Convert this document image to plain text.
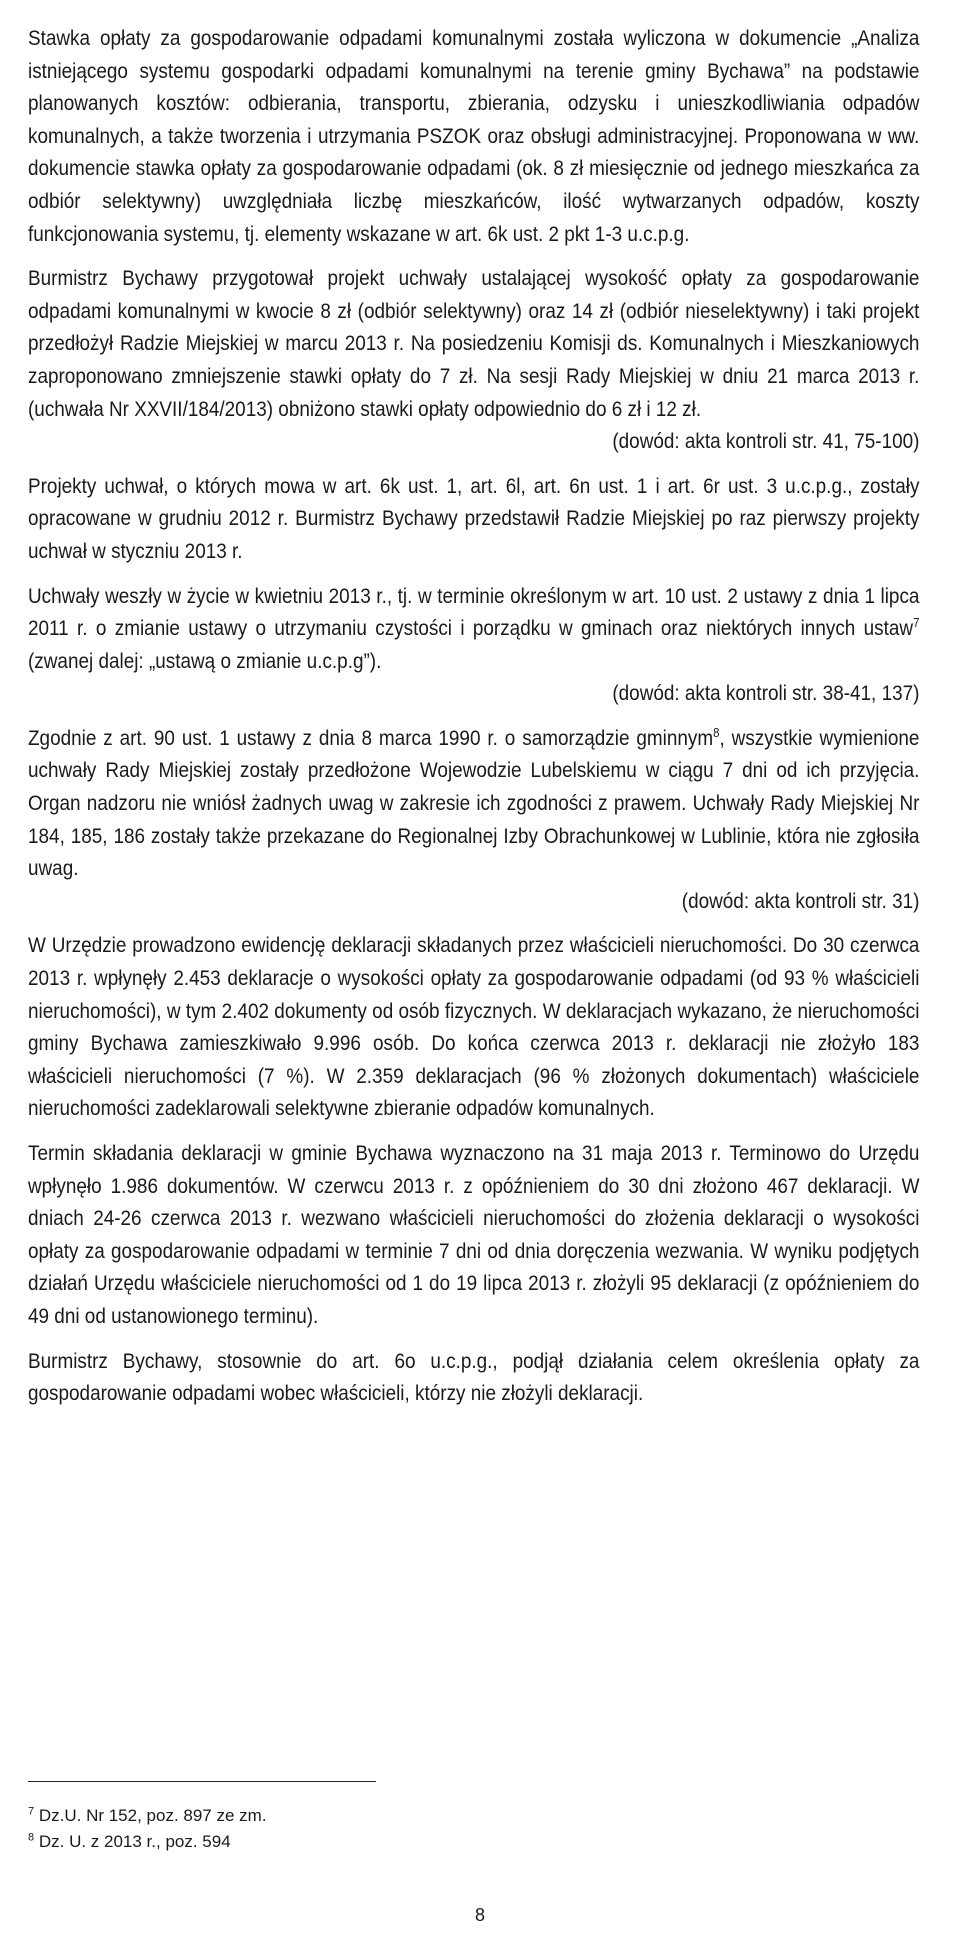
Stawka opłaty za gospodarowanie odpadami komunalnymi została wyliczona w dokumencie „Analiza istniejącego systemu gospodarki odpadami komunalnymi na terenie gminy Bychawa” na podstawie planowanych kosztów: odbierania, transportu, zbierania, odzysku i unieszkodliwiania odpadów komunalnych, a także tworzenia i utrzymania PSZOK oraz obsługi administracyjnej. Proponowana w ww. dokumencie stawka opłaty za gospodarowanie odpadami (ok. 8 zł miesięcznie od jednego mieszkańca za odbiór selektywny) uwzględniała liczbę mieszkańców, ilość wytwarzanych odpadów, koszty funkcjonowania systemu, tj. elementy wskazane w art. 6k ust. 2 pkt 1-3 u.c.p.g.

Burmistrz Bychawy przygotował projekt uchwały ustalającej wysokość opłaty za gospodarowanie odpadami komunalnymi w kwocie 8 zł (odbiór selektywny) oraz 14 zł (odbiór nieselektywny) i taki projekt przedłożył Radzie Miejskiej w marcu 2013 r. Na posiedzeniu Komisji ds. Komunalnych i Mieszkaniowych zaproponowano zmniejszenie stawki opłaty do 7 zł. Na sesji Rady Miejskiej w dniu 21 marca 2013 r. (uchwała Nr XXVII/184/2013) obniżono stawki opłaty odpowiednio do 6 zł i 12 zł.

(dowód: akta kontroli str. 41, 75-100)

Projekty uchwał, o których mowa w art. 6k ust. 1, art. 6l, art. 6n ust. 1 i art. 6r ust. 3 u.c.p.g., zostały opracowane w grudniu 2012 r. Burmistrz Bychawy przedstawił Radzie Miejskiej po raz pierwszy projekty uchwał w styczniu 2013 r.

Uchwały weszły w życie w kwietniu 2013 r., tj. w terminie określonym w art. 10 ust. 2 ustawy z dnia 1 lipca 2011 r. o zmianie ustawy o utrzymaniu czystości i porządku w gminach oraz niektórych innych ustaw$^7$ (zwanej dalej: „ustawą o zmianie u.c.p.g”).

(dowód: akta kontroli str. 38-41, 137)

Zgodnie z art. 90 ust. 1 ustawy z dnia 8 marca 1990 r. o samorządzie gminnym$^8$, wszystkie wymienione uchwały Rady Miejskiej zostały przedłożone Wojewodzie Lubelskiemu w ciągu 7 dni od ich przyjęcia. Organ nadzoru nie wniósł żadnych uwag w zakresie ich zgodności z prawem. Uchwały Rady Miejskiej Nr 184, 185, 186 zostały także przekazane do Regionalnej Izby Obrachunkowej w Lublinie, która nie zgłosiła uwag.

(dowód: akta kontroli str. 31)

W Urzędzie prowadzono ewidencję deklaracji składanych przez właścicieli nieruchomości. Do 30 czerwca 2013 r. wpłynęły 2.453 deklaracje o wysokości opłaty za gospodarowanie odpadami (od 93 % właścicieli nieruchomości), w tym 2.402 dokumenty od osób fizycznych. W deklaracjach wykazano, że nieruchomości gminy Bychawa zamieszkiwało 9.996 osób. Do końca czerwca 2013 r. deklaracji nie złożyło 183 właścicieli nieruchomości (7 %). W 2.359 deklaracjach (96 % złożonych dokumentach) właściciele nieruchomości zadeklarowali selektywne zbieranie odpadów komunalnych.

Termin składania deklaracji w gminie Bychawa wyznaczono na 31 maja 2013 r. Terminowo do Urzędu wpłynęło 1.986 dokumentów. W czerwcu 2013 r. z opóźnieniem do 30 dni złożono 467 deklaracji. W dniach 24-26 czerwca 2013 r. wezwano właścicieli nieruchomości do złożenia deklaracji o wysokości opłaty za gospodarowanie odpadami w terminie 7 dni od dnia doręczenia wezwania. W wyniku podjętych działań Urzędu właściciele nieruchomości od 1 do 19 lipca 2013 r. złożyli 95 deklaracji (z opóźnieniem do 49 dni od ustanowionego terminu).

Burmistrz Bychawy, stosownie do art. 6o u.c.p.g., podjął działania celem określenia opłaty za gospodarowanie odpadami wobec właścicieli, którzy nie złożyli deklaracji.

$^7$ Dz.U. Nr 152, poz. 897 ze zm.
$^8$ Dz. U. z 2013 r., poz. 594
8
